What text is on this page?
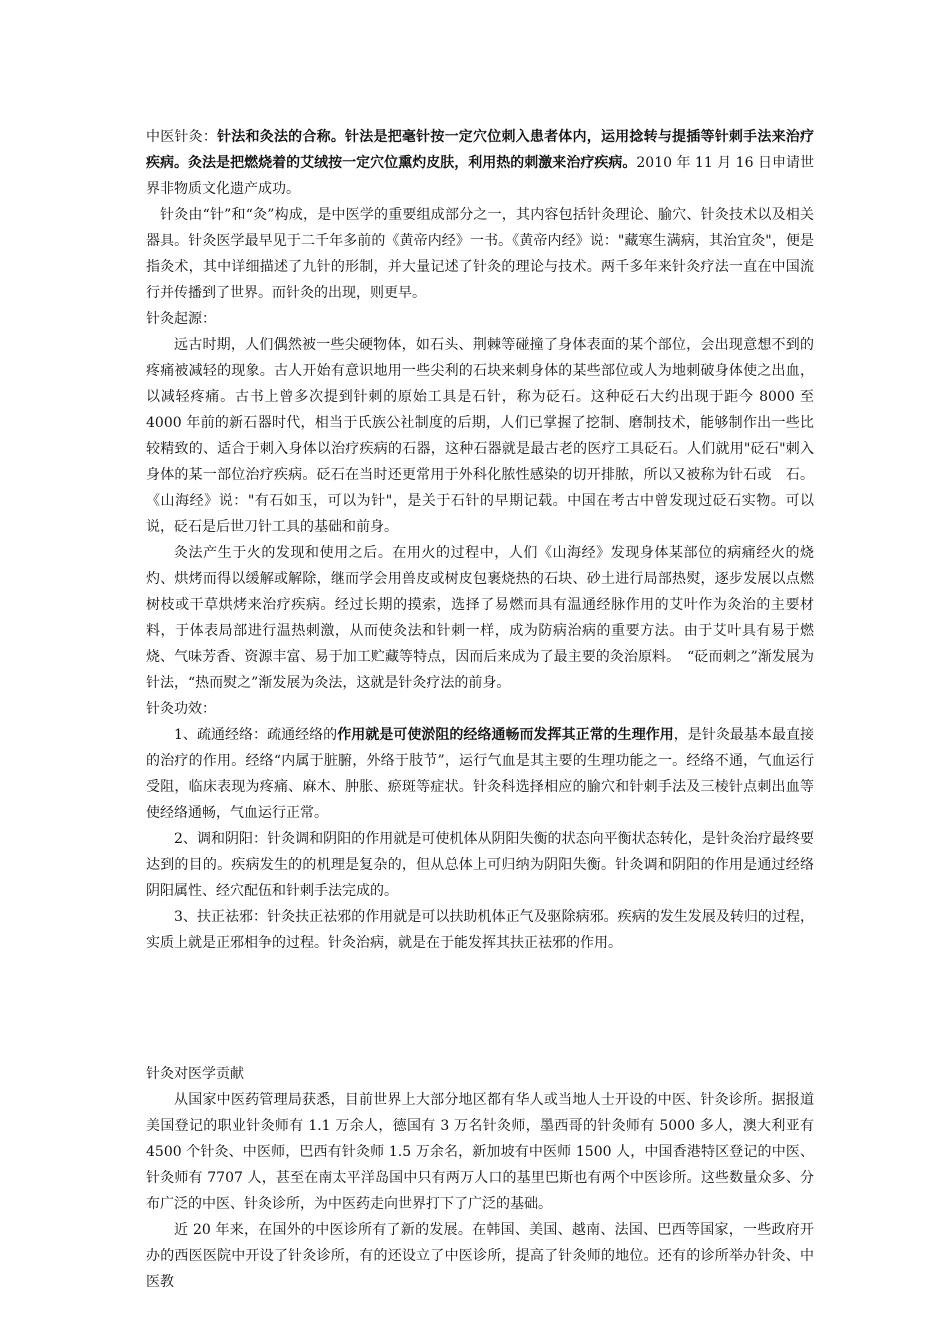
中医针灸：针法和灸法的合称。针法是把毫针按一定穴位刺入患者体内，运用捻转与提插等针刺手法来治疗疾病。灸法是把燃烧着的艾绒按一定穴位熏灼皮肤，利用热的刺激来治疗疾病。2010 年 11 月 16 日申请世界非物质文化遗产成功。

针灸由“针”和“灸”构成，是中医学的重要组成部分之一，其内容包括针灸理论、腧穴、针灸技术以及相关器具。针灸医学最早见于二千年多前的《黄帝内经》一书。《黄帝内经》说："藏寒生满病，其治宜灸"，便是指灸术，其中详细描述了九针的形制，并大量记述了针灸的理论与技术。两千多年来针灸疗法一直在中国流行并传播到了世界。而针灸的出现，则更早。

针灸起源：

远古时期，人们偶然被一些尖硬物体，如石头、荆棘等碰撞了身体表面的某个部位，会出现意想不到的疼痛被减轻的现象。古人开始有意识地用一些尖利的石块来刺身体的某些部位或人为地刺破身体使之出血，以减轻疼痛。古书上曾多次提到针刺的原始工具是石针，称为砭石。这种砭石大约出现于距今 8000 至 4000 年前的新石器时代，相当于氏族公社制度的后期，人们已掌握了挖制、磨制技术，能够制作出一些比较精致的、适合于刺入身体以治疗疾病的石器，这种石器就是最古老的医疗工具砭石。人们就用"砭石"刺入身体的某一部位治疗疾病。砭石在当时还更常用于外科化脓性感染的切开排脓，所以又被称为针石或　石。《山海经》说："有石如玉，可以为针"，是关于石针的早期记载。中国在考古中曾发现过砭石实物。可以说，砭石是后世刀针工具的基础和前身。

灸法产生于火的发现和使用之后。在用火的过程中，人们《山海经》发现身体某部位的病痛经火的烧灼、烘烤而得以缓解或解除，继而学会用兽皮或树皮包裹烧热的石块、砂土进行局部热熨，逐步发展以点燃树枝或干草烘烤来治疗疾病。经过长期的摸索，选择了易燃而具有温通经脉作用的艾叶作为灸治的主要材料，于体表局部进行温热刺激，从而使灸法和针刺一样，成为防病治病的重要方法。由于艾叶具有易于燃烧、气味芳香、资源丰富、易于加工贮藏等特点，因而后来成为了最主要的灸治原料。　“砭而刺之”渐发展为针法，“热而熨之”渐发展为灸法，这就是针灸疗法的前身。

针灸功效：

1、疏通经络：疏通经络的作用就是可使淤阻的经络通畅而发挥其正常的生理作用，是针灸最基本最直接的治疗的作用。经络“内属于脏腑，外络于肢节”，运行气血是其主要的生理功能之一。经络不通，气血运行受阻，临床表现为疼痛、麻木、肿胀、瘀斑等症状。针灸科选择相应的腧穴和针刺手法及三棱针点刺出血等使经络通畅，气血运行正常。

2、调和阴阳：针灸调和阴阳的作用就是可使机体从阴阳失衡的状态向平衡状态转化，是针灸治疗最终要达到的目的。疾病发生的的机理是复杂的，但从总体上可归纳为阴阳失衡。针灸调和阴阳的作用是通过经络阴阳属性、经穴配伍和针刺手法完成的。

3、扶正祛邪：针灸扶正祛邪的作用就是可以扶助机体正气及驱除病邪。疾病的发生发展及转归的过程，实质上就是正邪相争的过程。针灸治病，就是在于能发挥其扶正祛邪的作用。

针灸对医学贡献

从国家中医药管理局获悉，目前世界上大部分地区都有华人或当地人士开设的中医、针灸诊所。据报道美国登记的职业针灸师有 1.1 万余人，德国有 3 万名针灸师，墨西哥的针灸师有 5000 多人，澳大利亚有 4500 个针灸、中医师，巴西有针灸师 1.5 万余名，新加坡有中医师 1500 人，中国香港特区登记的中医、针灸师有 7707 人，甚至在南太平洋岛国中只有两万人口的基里巴斯也有两个中医诊所。这些数量众多、分布广泛的中医、针灸诊所，为中医药走向世界打下了广泛的基础。

近 20 年来，在国外的中医诊所有了新的发展。在韩国、美国、越南、法国、巴西等国家，一些政府开办的西医医院中开设了针灸诊所，有的还设立了中医诊所，提高了针灸师的地位。还有的诊所举办针灸、中医教
